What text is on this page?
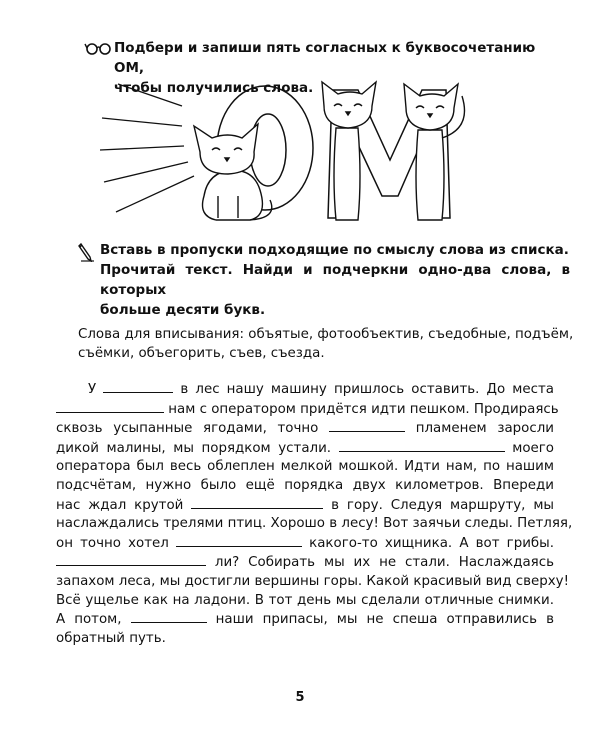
Подбери и запиши пять согласных к буквосочетанию ОМ,
чтобы получились слова.
Вставь в пропуски подходящие по смыслу слова из списка.
Прочитай текст. Найди и подчеркни одно-два слова, в которых
больше десяти букв.
Слова для вписывания: объятые, фотообъектив, съедобные, подъём,
съёмки, объегорить, съев, съезда.
У	в лес нашу машину пришлось оставить. До места
нам с оператором придётся идти пешком. Продираясь
сквозь усыпанные ягодами, точно	пламенем заросли
дикой малины, мы порядком устали.	моего
оператора был весь облеплен мелкой мошкой. Идти нам, по нашим
подсчётам, нужно было ещё порядка двух километров. Впереди
нас ждал крутой	в гору. Следуя маршруту, мы
наслаждались трелями птиц. Хорошо в лесу! Вот заячьи следы. Петляя,
он точно хотел	какого-то хищника. А вот грибы.
ли? Собирать мы их не стали. Наслаждаясь
запахом леса, мы достигли вершины горы. Какой красивый вид сверху!
Всё ущелье как на ладони. В тот день мы сделали отличные снимки.
А потом,	наши припасы, мы не спеша отправились в
обратный путь.
5
